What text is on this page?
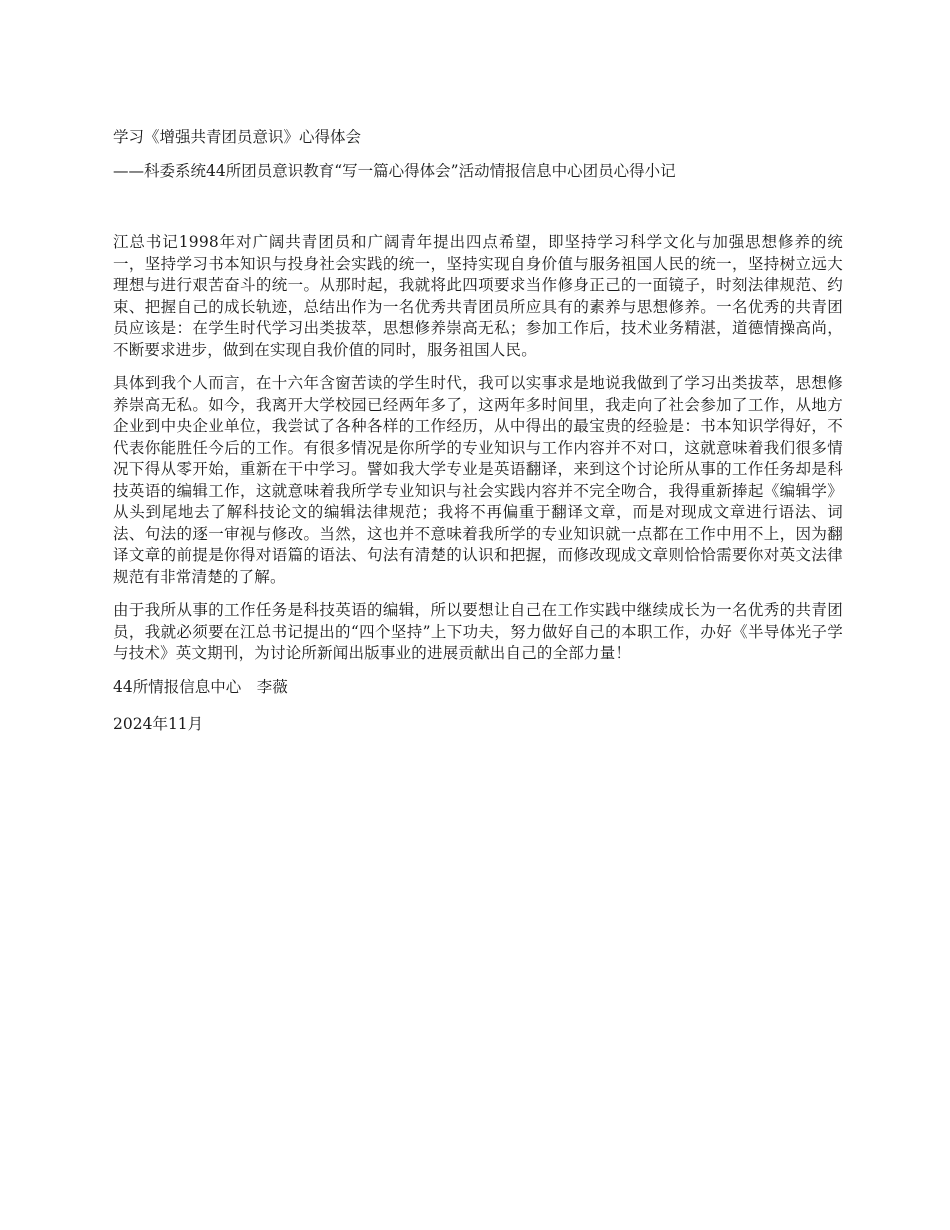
学习《增强共青团员意识》心得体会

——科委系统44所团员意识教育“写一篇心得体会”活动情报信息中心团员心得小记

江总书记1998年对广阔共青团员和广阔青年提出四点希望，即坚持学习科学文化与加强思想修养的统一，坚持学习书本知识与投身社会实践的统一，坚持实现自身价值与服务祖国人民的统一，坚持树立远大理想与进行艰苦奋斗的统一。从那时起，我就将此四项要求当作修身正己的一面镜子，时刻法律规范、约束、把握自己的成长轨迹，总结出作为一名优秀共青团员所应具有的素养与思想修养。一名优秀的共青团员应该是：在学生时代学习出类拔萃，思想修养崇高无私；参加工作后，技术业务精湛，道德情操高尚，不断要求进步，做到在实现自我价值的同时，服务祖国人民。

具体到我个人而言，在十六年含窗苦读的学生时代，我可以实事求是地说我做到了学习出类拔萃，思想修养崇高无私。如今，我离开大学校园已经两年多了，这两年多时间里，我走向了社会参加了工作，从地方企业到中央企业单位，我尝试了各种各样的工作经历，从中得出的最宝贵的经验是：书本知识学得好，不代表你能胜任今后的工作。有很多情况是你所学的专业知识与工作内容并不对口，这就意味着我们很多情况下得从零开始，重新在干中学习。譬如我大学专业是英语翻译，来到这个讨论所从事的工作任务却是科技英语的编辑工作，这就意味着我所学专业知识与社会实践内容并不完全吻合，我得重新捧起《编辑学》从头到尾地去了解科技论文的编辑法律规范；我将不再偏重于翻译文章，而是对现成文章进行语法、词法、句法的逐一审视与修改。当然，这也并不意味着我所学的专业知识就一点都在工作中用不上，因为翻译文章的前提是你得对语篇的语法、句法有清楚的认识和把握，而修改现成文章则恰恰需要你对英文法律规范有非常清楚的了解。

由于我所从事的工作任务是科技英语的编辑，所以要想让自己在工作实践中继续成长为一名优秀的共青团员，我就必须要在江总书记提出的“四个坚持”上下功夫，努力做好自己的本职工作，办好《半导体光子学与技术》英文期刊，为讨论所新闻出版事业的进展贡献出自己的全部力量！

44所情报信息中心　李薇

2024年11月
